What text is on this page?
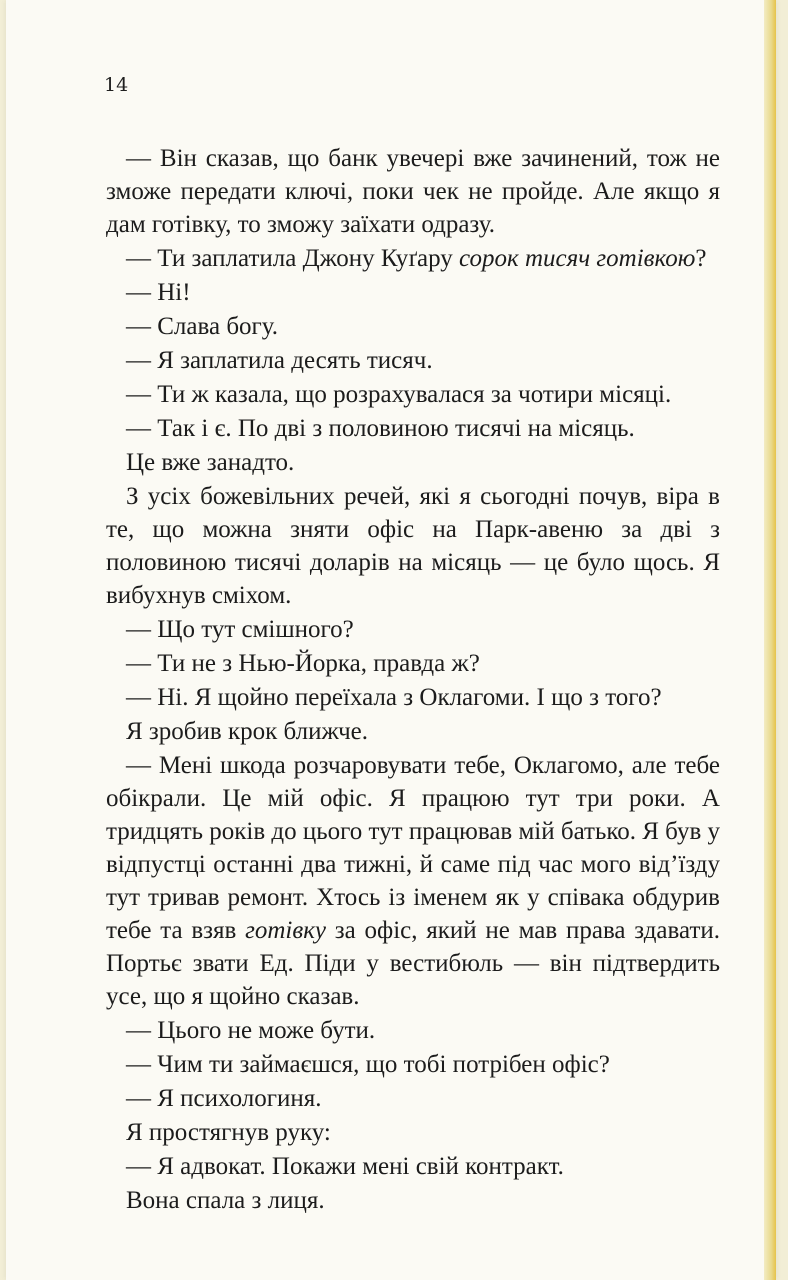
14

— Він сказав, що банк увечері вже зачинений, тож не зможе передати ключі, поки чек не пройде. Але якщо я дам готівку, то зможу заїхати одразу.

— Ти заплатила Джону Куґару сорок тисяч готівкою?

— Ні!

— Слава богу.

— Я заплатила десять тисяч.

— Ти ж казала, що розрахувалася за чотири місяці.

— Так і є. По дві з половиною тисячі на місяць.

Це вже занадто.

З усіх божевільних речей, які я сьогодні почув, віра в те, що можна зняти офіс на Парк-авеню за дві з половиною тисячі доларів на місяць — це було щось. Я вибухнув сміхом.

— Що тут смішного?

— Ти не з Нью-Йорка, правда ж?

— Ні. Я щойно переїхала з Оклагоми. І що з того?

Я зробив крок ближче.

— Мені шкода розчаровувати тебе, Оклагомо, але тебе обікрали. Це мій офіс. Я працюю тут три роки. А тридцять років до цього тут працював мій батько. Я був у відпустці останні два тижні, й саме під час мого від’їзду тут тривав ремонт. Хтось із іменем як у співака обдурив тебе та взяв готівку за офіс, який не мав права здавати. Портьє звати Ед. Піди у вестибюль — він підтвердить усе, що я щойно сказав.

— Цього не може бути.

— Чим ти займаєшся, що тобі потрібен офіс?

— Я психологиня.

Я простягнув руку:

— Я адвокат. Покажи мені свій контракт.

Вона спала з лиця.
